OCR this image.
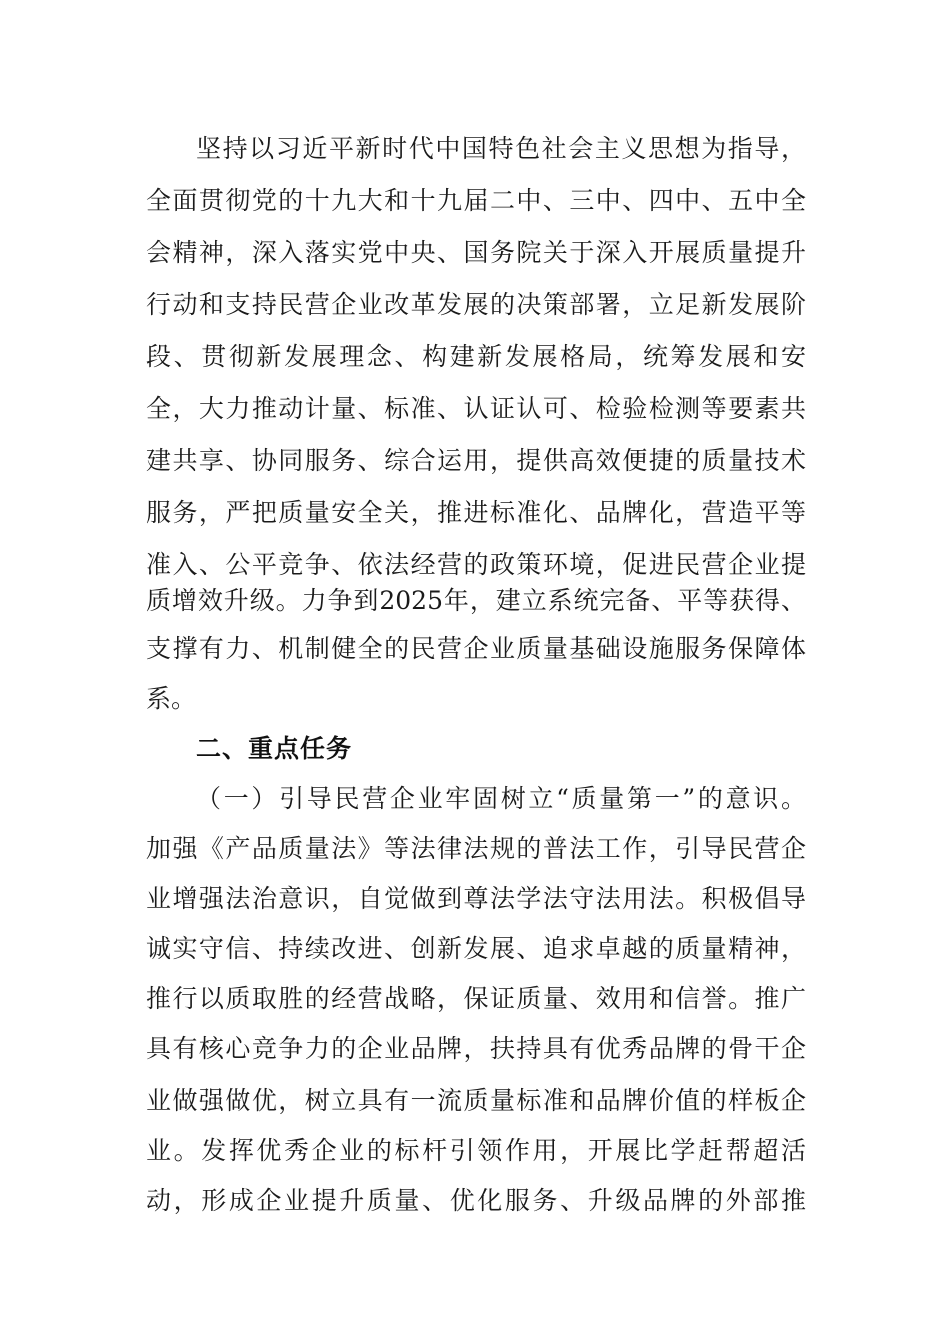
坚持以习近平新时代中国特色社会主义思想为指导，
全面贯彻党的十九大和十九届二中、三中、四中、五中全
会精神，深入落实党中央、国务院关于深入开展质量提升
行动和支持民营企业改革发展的决策部署，立足新发展阶
段、贯彻新发展理念、构建新发展格局，统筹发展和安
全，大力推动计量、标准、认证认可、检验检测等要素共
建共享、协同服务、综合运用，提供高效便捷的质量技术
服务，严把质量安全关，推进标准化、品牌化，营造平等
准入、公平竞争、依法经营的政策环境，促进民营企业提
质增效升级。力争到2025年，建立系统完备、平等获得、
支撑有力、机制健全的民营企业质量基础设施服务保障体
系。
二、重点任务
（一）引导民营企业牢固树立“质量第一”的意识。
加强《产品质量法》等法律法规的普法工作，引导民营企
业增强法治意识，自觉做到尊法学法守法用法。积极倡导
诚实守信、持续改进、创新发展、追求卓越的质量精神，
推行以质取胜的经营战略，保证质量、效用和信誉。推广
具有核心竞争力的企业品牌，扶持具有优秀品牌的骨干企
业做强做优，树立具有一流质量标准和品牌价值的样板企
业。发挥优秀企业的标杆引领作用，开展比学赶帮超活
动，形成企业提升质量、优化服务、升级品牌的外部推
